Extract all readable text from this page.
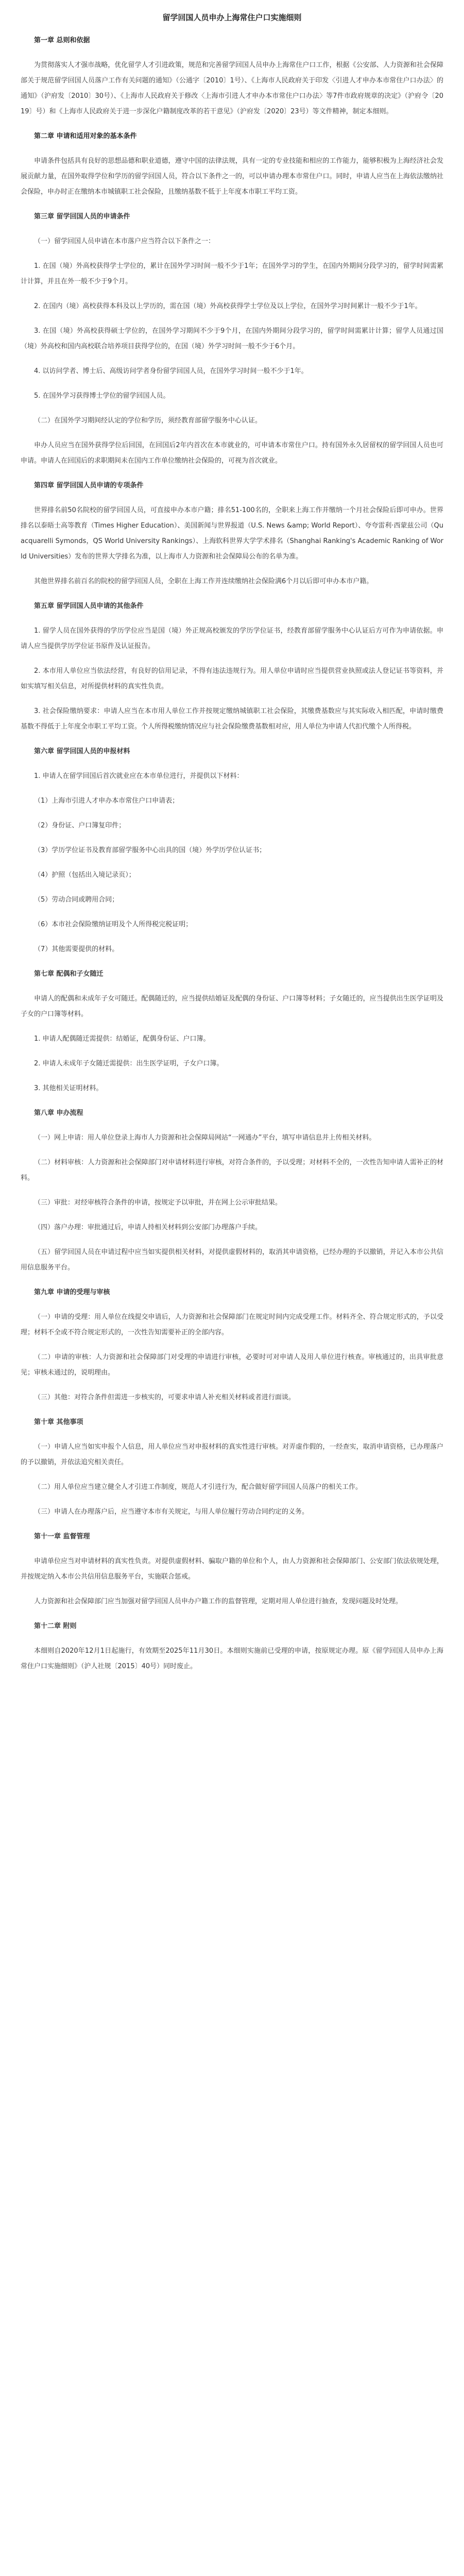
留学回国人员申办上海常住户口实施细则
第一章 总则和依据
为贯彻落实人才强市战略，优化留学人才引进政策，规范和完善留学回国人员申办上海常住户口工作，根据《公安部、人力资源和社会保障部关于规范留学回国人员落户工作有关问题的通知》（公通字〔2010〕1号）、《上海市人民政府关于印发〈引进人才申办本市常住户口办法〉的通知》（沪府发〔2010〕30号）、《上海市人民政府关于修改〈上海市引进人才申办本市常住户口办法〉等7件市政府规章的决定》（沪府令〔2019〕号）和《上海市人民政府关于进一步深化户籍制度改革的若干意见》（沪府发〔2020〕23号）等文件精神，制定本细则。
第二章 申请和适用对象的基本条件
申请条件包括具有良好的思想品德和职业道德，遵守中国的法律法规，具有一定的专业技能和相应的工作能力，能够积极为上海经济社会发展贡献力量，在国外取得学位和学历的留学回国人员，符合以下条件之一的，可以申请办理本市常住户口。同时，申请人应当在上海依法缴纳社会保险，申办时正在缴纳本市城镇职工社会保险，且缴纳基数不低于上年度本市职工平均工资。
第三章 留学回国人员的申请条件
（一）留学回国人员申请在本市落户应当符合以下条件之一：
1. 在国（境）外高校获得学士学位的，累计在国外学习时间一般不少于1年；在国外学习的学生，在国内外期间分段学习的，留学时间需累计计算，并且在外一般不少于9个月。
2. 在国内（境）高校获得本科及以上学历的，需在国（境）外高校获得学士学位及以上学位，在国外学习时间累计一般不少于1年。
3. 在国（境）外高校获得硕士学位的，在国外学习期间不少于9个月，在国内外期间分段学习的，留学时间需累计计算；留学人员通过国（境）外高校和国内高校联合培养项目获得学位的，在国（境）外学习时间一般不少于6个月。
4. 以访问学者、博士后、高级访问学者身份留学回国人员，在国外学习时间一般不少于1年。
5. 在国外学习获得博士学位的留学回国人员。
（二）在国外学习期间经认定的学位和学历，须经教育部留学服务中心认证。
申办人员应当在国外获得学位后回国，在回国后2年内首次在本市就业的，可申请本市常住户口。持有国外永久居留权的留学回国人员也可申请。申请人在回国后的求职期间未在国内工作单位缴纳社会保险的，可视为首次就业。
第四章 留学回国人员申请的专项条件
世界排名前50名院校的留学回国人员，可直接申办本市户籍；排名51-100名的，全职来上海工作并缴纳一个月社会保险后即可申办。世界排名以泰晤士高等教育（Times Higher Education）、美国新闻与世界报道（U.S. News &amp; World Report）、夸夸雷利·西蒙兹公司（Quacquarelli Symonds，QS World University Rankings）、上海软科世界大学学术排名（Shanghai Ranking's Academic Ranking of World Universities）发布的世界大学排名为准，以上海市人力资源和社会保障局公布的名单为准。
其他世界排名前百名的院校的留学回国人员，全职在上海工作并连续缴纳社会保险满6个月以后即可申办本市户籍。
第五章 留学回国人员申请的其他条件
1. 留学人员在国外获得的学历学位应当是国（境）外正规高校颁发的学历学位证书，经教育部留学服务中心认证后方可作为申请依据。申请人应当提供学历学位证书原件及认证报告。
2. 本市用人单位应当依法经营，有良好的信用记录，不得有违法违规行为。用人单位申请时应当提供营业执照或法人登记证书等资料，并如实填写相关信息，对所提供材料的真实性负责。
3. 社会保险缴纳要求：申请人应当在本市用人单位工作并按规定缴纳城镇职工社会保险，其缴费基数应与其实际收入相匹配，申请时缴费基数不得低于上年度全市职工平均工资。个人所得税缴纳情况应与社会保险缴费基数相对应，用人单位为申请人代扣代缴个人所得税。
第六章 留学回国人员的申报材料
1. 申请人在留学回国后首次就业应在本市单位进行，并提供以下材料：
（1）上海市引进人才申办本市常住户口申请表；
（2）身份证、户口簿复印件；
（3）学历学位证书及教育部留学服务中心出具的国（境）外学历学位认证书；
（4）护照（包括出入境记录页）；
（5）劳动合同或聘用合同；
（6）本市社会保险缴纳证明及个人所得税完税证明；
（7）其他需要提供的材料。
第七章 配偶和子女随迁
申请人的配偶和未成年子女可随迁。配偶随迁的，应当提供结婚证及配偶的身份证、户口簿等材料；子女随迁的，应当提供出生医学证明及子女的户口簿等材料。
1. 申请人配偶随迁需提供：结婚证，配偶身份证、户口簿。
2. 申请人未成年子女随迁需提供：出生医学证明，子女户口簿。
3. 其他相关证明材料。
第八章 申办流程
（一）网上申请：用人单位登录上海市人力资源和社会保障局网站“一网通办”平台，填写申请信息并上传相关材料。
（二）材料审核：人力资源和社会保障部门对申请材料进行审核，对符合条件的，予以受理；对材料不全的，一次性告知申请人需补正的材料。
（三）审批：对经审核符合条件的申请，按规定予以审批，并在网上公示审批结果。
（四）落户办理：审批通过后，申请人持相关材料到公安部门办理落户手续。
（五）留学回国人员在申请过程中应当如实提供相关材料，对提供虚假材料的，取消其申请资格，已经办理的予以撤销，并记入本市公共信用信息服务平台。
第九章 申请的受理与审核
（一）申请的受理：用人单位在线提交申请后，人力资源和社会保障部门在规定时间内完成受理工作。材料齐全、符合规定形式的，予以受理；材料不全或不符合规定形式的，一次性告知需要补正的全部内容。
（二）申请的审核：人力资源和社会保障部门对受理的申请进行审核，必要时可对申请人及用人单位进行核查。审核通过的，出具审批意见；审核未通过的，说明理由。
（三）其他：对符合条件但需进一步核实的，可要求申请人补充相关材料或者进行面谈。
第十章 其他事项
（一）申请人应当如实申报个人信息，用人单位应当对申报材料的真实性进行审核。对弄虚作假的，一经查实，取消申请资格，已办理落户的予以撤销，并依法追究相关责任。
（二）用人单位应当建立健全人才引进工作制度，规范人才引进行为，配合做好留学回国人员落户的相关工作。
（三）申请人在办理落户后，应当遵守本市有关规定，与用人单位履行劳动合同约定的义务。
第十一章 监督管理
申请单位应当对申请材料的真实性负责。对提供虚假材料、骗取户籍的单位和个人，由人力资源和社会保障部门、公安部门依法依规处理，并按规定纳入本市公共信用信息服务平台，实施联合惩戒。
人力资源和社会保障部门应当加强对留学回国人员申办户籍工作的监督管理，定期对用人单位进行抽查，发现问题及时处理。
第十二章 附则
本细则自2020年12月1日起施行，有效期至2025年11月30日。本细则实施前已受理的申请，按原规定办理。原《留学回国人员申办上海常住户口实施细则》（沪人社规〔2015〕40号）同时废止。
